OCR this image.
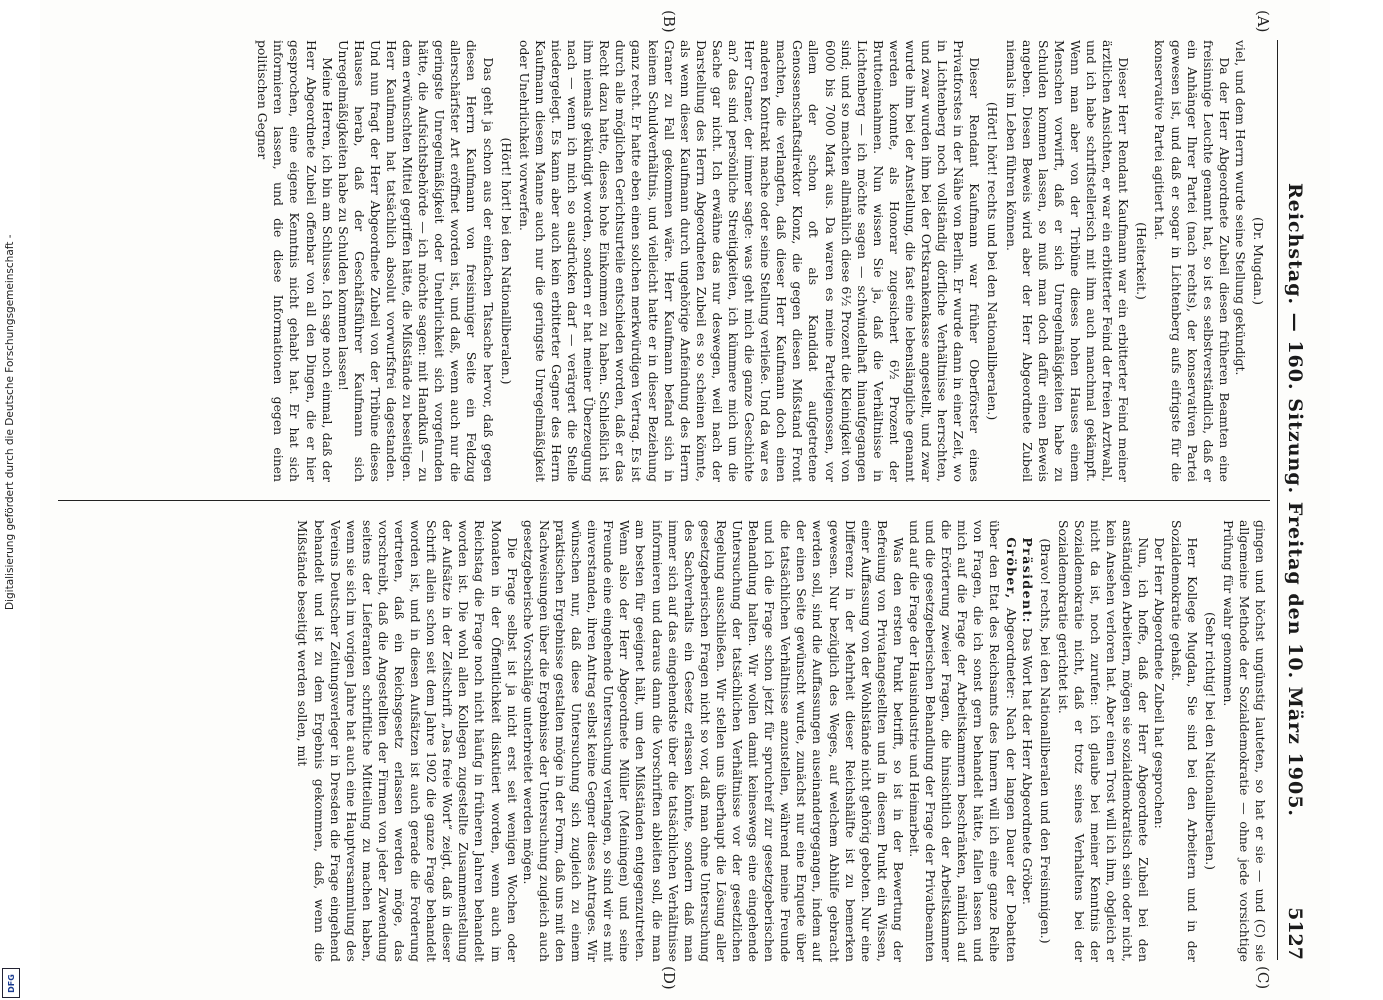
Reichstag. — 160. Sitzung. Freitag den 10. März 1905.
5127
(A)
(B)
(C)
(D)

(Dr. Mugdan.)

viel, und dem Herrn wurde seine Stellung gekündigt.

Da der Herr Abgeordnete Zubeil diesen früheren Beamten eine freisinnige Leuchte genannt hat, so ist es selbstverständlich, daß er ein Anhänger Ihrer Partei (nach rechts), der konservativen Partei gewesen ist, und daß er sogar in Lichtenberg aufs eifrigste für die konservative Partei agitiert hat.

(Heiterkeit.)

Dieser Herr Rendant Kaufmann war ein erbitterter Feind meiner ärztlichen Ansichten, er war ein erbitterter Feind der freien Arztwahl, und ich habe schriftstellerisch mit ihm auch manchmal gekämpft. Wenn man aber von der Tribüne dieses hohen Hauses einem Menschen vorwirft, daß er sich Unregelmäßigkeiten habe zu Schulden kommen lassen, so muß man doch dafür einen Beweis angeben. Diesen Beweis wird aber der Herr Abgeordnete Zubeil niemals im Leben führen können.

(Hört! hört! rechts und bei den Nationalliberalen.)

Dieser Rendant Kaufmann war früher Oberförster eines Privatforstes in der Nähe von Berlin. Er wurde dann in einer Zeit, wo in Lichtenberg noch vollständig dörfliche Verhältnisse herrschten, und zwar wurden ihm bei der Ortskrankenkasse angestellt, und zwar wurde ihm bei der Anstellung, die fast eine lebenslängliche genannt werden konnte, als Honorar zugesichert 6½ Prozent der Bruttoeinnahmen. Nun wissen Sie ja, daß die Verhältnisse in Lichtenberg — ich möchte sagen — schwindelhaft hinaufgegangen sind; und so machten allmählich diese 6½ Prozent die Kleinigkeit von 6000 bis 7000 Mark aus. Da waren es meine Parteigenossen, vor allem der schon oft als Kandidat aufgetretene Genossenschaftsdirektor Klonz, die gegen diesen Mißstand Front machten, die verlangten, daß dieser Herr Kaufmann doch einen anderen Kontrakt mache oder seine Stellung verließe. Und da war es Herr Graner, der immer sagte: was geht mich die ganze Geschichte an? das sind persönliche Streitigkeiten, ich kümmere mich um die Sache gar nicht. Ich erwähne das nur deswegen, weil nach der Darstellung des Herrn Abgeordneten Zubeil es so scheinen könnte, als wenn dieser Kaufmann durch ungehörige Anfeindung des Herrn Graner zu Fall gekommen wäre. Herr Kaufmann befand sich in keinem Schuldverhältnis, und vielleicht hatte er in dieser Beziehung ganz recht. Er hatte eben einen solchen merkwürdigen Vertrag. Es ist durch alle möglichen Gerichtsurteile entschieden worden, daß er das Recht dazu hatte, dieses hohe Einkommen zu haben. Schließlich ist ihm niemals gekündigt worden, sondern er hat meiner Überzeugung nach — wenn ich mich so ausdrücken darf — verärgert die Stelle niedergelegt. Es kann aber auch kein erbitterter Gegner des Herrn Kaufmann diesem Manne auch nur die geringste Unregelmäßigkeit oder Unehrlichkeit vorwerfen.

(Hört! hört! bei den Nationalliberalen.)

Das geht ja schon aus der einfachen Tatsache hervor, daß gegen diesen Herrn Kaufmann von freisinniger Seite ein Feldzug allerschärfster Art eröffnet worden ist, und daß, wenn auch nur die geringste Unregelmäßigkeit oder Unehrlichkeit sich vorgefunden hätte, die Aufsichtsbehörde — ich möchte sagen: mit Handkuß — zu dem erwünschten Mittel gegriffen hätte, die Mißstände zu beseitigen. Herr Kaufmann hat tatsächlich absolut vorwurfsfrei dagestanden. Und nun fragt der Herr Abgeordnete Zubeil von der Tribüne dieses Hauses herab, daß der Geschäftsführer Kaufmann sich Unregelmäßigkeiten habe zu Schulden kommen lassen!

Meine Herren, ich bin am Schlusse. Ich sage noch einmal, daß der Herr Abgeordnete Zubeil offenbar von all den Dingen, die er hier gesprochen, eine eigene Kenntnis nicht gehabt hat. Er hat sich informieren lassen, und die diese Informationen gegen einen politischen Gegner

gingen und höchst ungünstig lauteten, so hat er sie — und (C) sie allgemeine Methode der Sozialdemokratie — ohne jede vorsichtige Prüfung für wahr genommen.

(Sehr richtig! bei den Nationalliberalen.)

Herr Kollege Mugdan, Sie sind bei den Arbeitern und in der Sozialdemokratie gehaßt.

Der Herr Abgeordnete Zubeil hat gesprochen:

Nun, ich hoffe, daß der Herr Abgeordnete Zubeil bei den anständigen Arbeitern, mögen sie sozialdemokratisch sein oder nicht, kein Ansehen verloren hat. Aber einen Trost will ich ihm, obgleich er nicht da ist, noch zurufen: ich glaube bei meiner Kenntnis der Sozialdemokratie nicht, daß er trotz seines Verhaltens bei der Sozialdemokratie gerichtet ist.

(Bravo! rechts, bei den Nationalliberalen und den Freisinnigen.)

Präsident: Das Wort hat der Herr Abgeordnete Gröber.

Gröber, Abgeordneter: Nach der langen Dauer der Debatten über den Etat des Reichsamts des Innern will ich eine ganze Reihe von Fragen, die ich sonst gern behandelt hätte, fallen lassen und mich auf die Frage der Arbeitskammern beschränken, nämlich auf die Erörterung zweier Fragen, die hinsichtlich der Arbeitskammer und die gesetzgeberischen Behandlung der Frage der Privatbeamten und auf die Frage der Hausindustrie und Heimarbeit.

Was den ersten Punkt betrifft, so ist in der Bewertung der Befreiung von Privatangestellten und in diesem Punkt ein Wissen, einer Auffassung von der Wohlstände nicht gehörig geboten. Nur eine Differenz in der Mehrheit dieser Reichshälfte ist zu bemerken gewesen. Nur bezüglich des Weges, auf welchem Abhilfe gebracht werden soll, sind die Auffassungen auseinandergegangen, indem auf der einen Seite gewünscht wurde, zunächst nur eine Enquete über die tatsächlichen Verhältnisse anzustellen, während meine Freunde und ich die Frage schon jetzt für spruchreif zur gesetzgeberischen Behandlung halten. Wir wollen damit keineswegs eine eingehende Untersuchung der tatsächlichen Verhältnisse vor der gesetzlichen Regelung ausschließen. Wir stellen uns überhaupt die Lösung aller gesetzgeberischen Fragen nicht so vor, daß man ohne Untersuchung des Sachverhalts ein Gesetz erlassen könnte, sondern daß man immer sich auf das eingehendste über die tatsächlichen Verhältnisse informieren und daraus dann die Vorschriften ableiten soll, die man am besten für geeignet hält, um den Mißständen entgegenzutreten. Wenn also der Herr Abgeordnete Müller (Meiningen) und seine Freunde eine eingehende Untersuchung verlangen, so sind wir es mit einverstanden, ihren Antrag selbst keine Gegner dieses Antrages. Wir wünschen nur, daß diese Untersuchung sich zugleich zu einem praktischen Ergebnisse gestalten möge in der Form, daß uns mit den Nachweisungen über die Ergebnisse der Untersuchung zugleich auch gesetzgeberische Vorschläge unterbreitet werden mögen.

Die Frage selbst ist ja nicht erst seit wenigen Wochen oder Monaten in der Öffentlichkeit diskutiert worden, wenn auch im Reichstag die Frage noch nicht häufig in früheren Jahren behandelt worden ist. Die wohl allen Kollegen zugestellte Zusammenstellung der Aufsätze in der Zeitschrift „Das freie Wort“ zeigt, daß in dieser Schrift allein schon seit dem Jahre 1902 die ganze Frage behandelt worden ist, und in diesen Aufsätzen ist auch gerade die Forderung vertreten, daß ein Reichsgesetz erlassen werden möge, das vorschreibt, daß die Angestellten der Firmen von jeder Zuwendung seitens der Lieferanten schriftliche Mitteilung zu machen haben, wenn sie sich im vorigen Jahre hat auch eine Hauptversammlung des Vereins Deutscher Zeitungsverleger in Dresden die Frage eingehend behandelt und ist zu dem Ergebnis gekommen, daß, wenn die Mißstände beseitigt werden sollen, mit

Digitalisierung gefördert durch die Deutsche Forschungsgemeinschaft -
DFG
